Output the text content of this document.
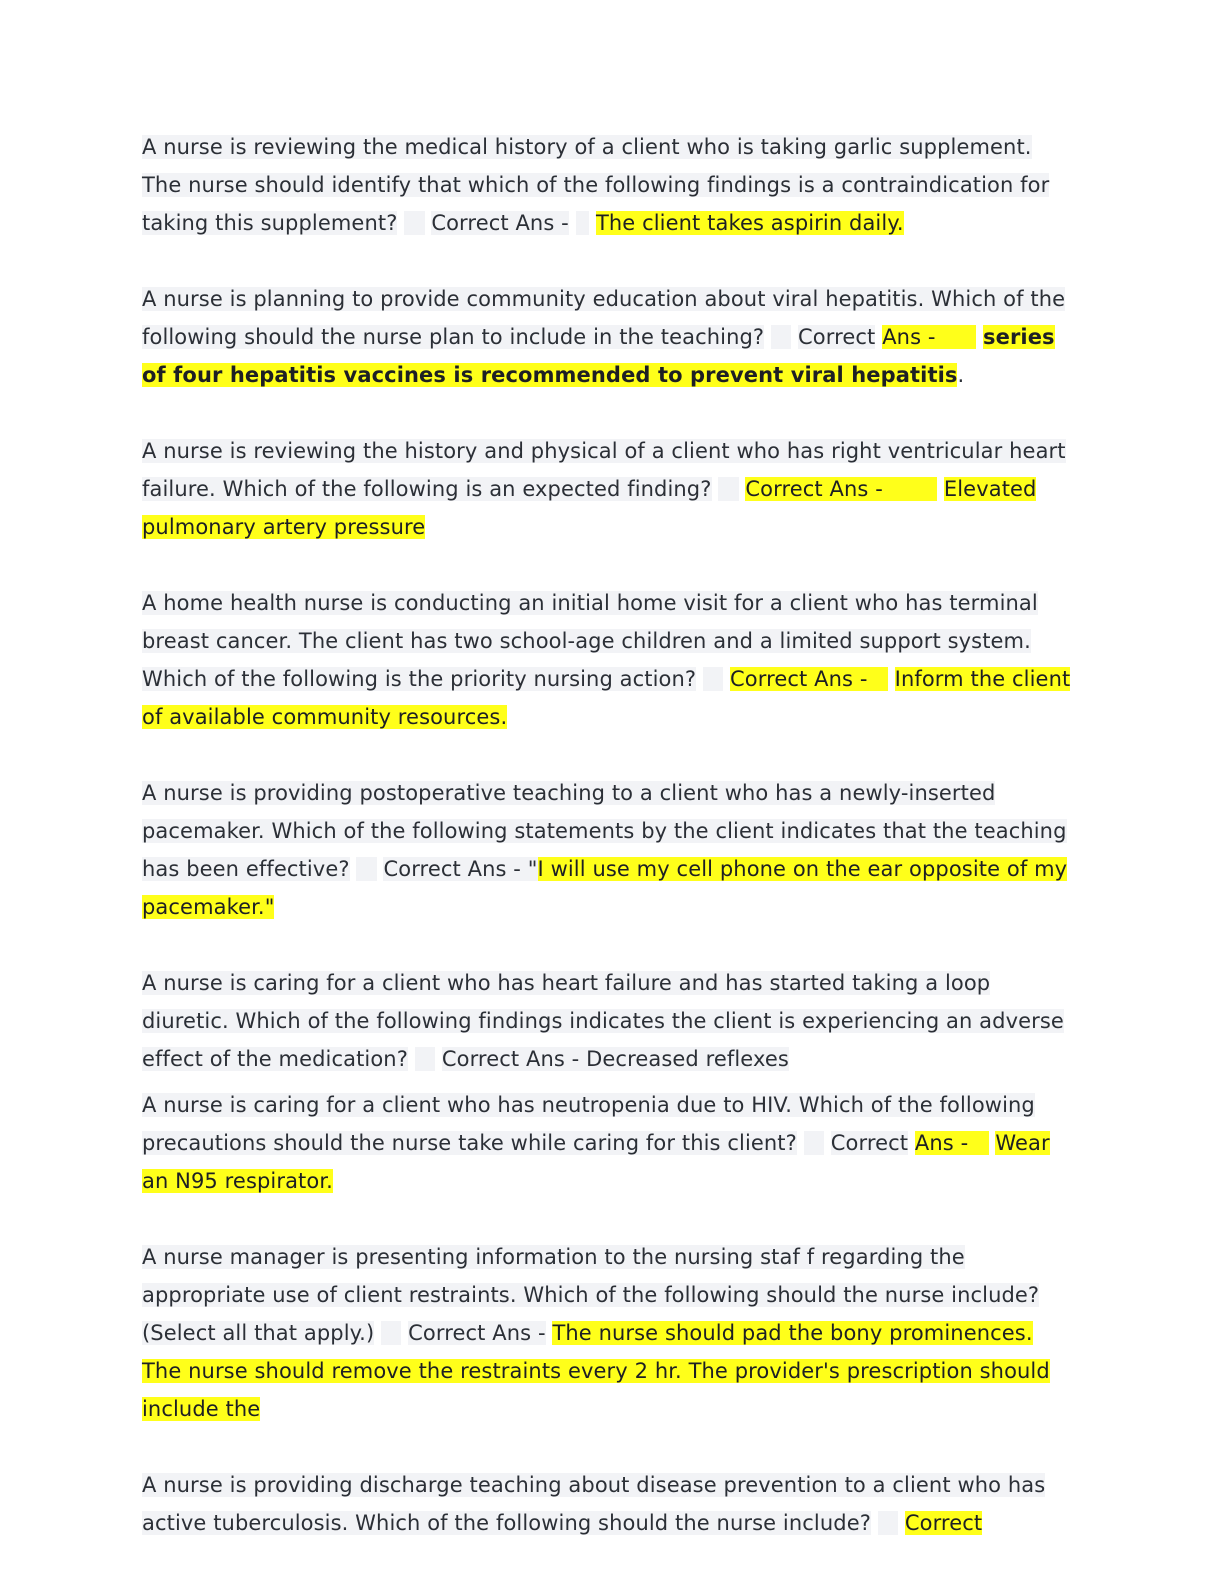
A nurse is reviewing the medical history of a client who is taking garlic supplement. The nurse should identify that which of the following findings is a contraindication for taking this supplement? Correct Ans - The client takes aspirin daily.

A nurse is planning to provide community education about viral hepatitis. Which of the following should the nurse plan to include in the teaching? Correct Ans - series of four hepatitis vaccines is recommended to prevent viral hepatitis.

A nurse is reviewing the history and physical of a client who has right ventricular heart failure. Which of the following is an expected finding? Correct Ans -	Elevated pulmonary artery pressure

A home health nurse is conducting an initial home visit for a client who has terminal breast cancer. The client has two school-age children and a limited support system. Which of the following is the priority nursing action? Correct Ans - Inform the client of available community resources.

A nurse is providing postoperative teaching to a client who has a newly-inserted pacemaker. Which of the following statements by the client indicates that the teaching has been effective? Correct Ans - "I will use my cell phone on the ear opposite of my pacemaker."

A nurse is caring for a client who has heart failure and has started taking a loop diuretic. Which of the following findings indicates the client is experiencing an adverse effect of the medication? Correct Ans - Decreased reflexes

A nurse is caring for a client who has neutropenia due to HIV. Which of the following precautions should the nurse take while caring for this client? Correct Ans - Wear an N95 respirator.

A nurse manager is presenting information to the nursing staf f regarding the appropriate use of client restraints. Which of the following should the nurse include? (Select all that apply.) Correct Ans - The nurse should pad the bony prominences. The nurse should remove the restraints every 2 hr. The provider's prescription should include the

A nurse is providing discharge teaching about disease prevention to a client who has active tuberculosis. Which of the following should the nurse include? Correct
